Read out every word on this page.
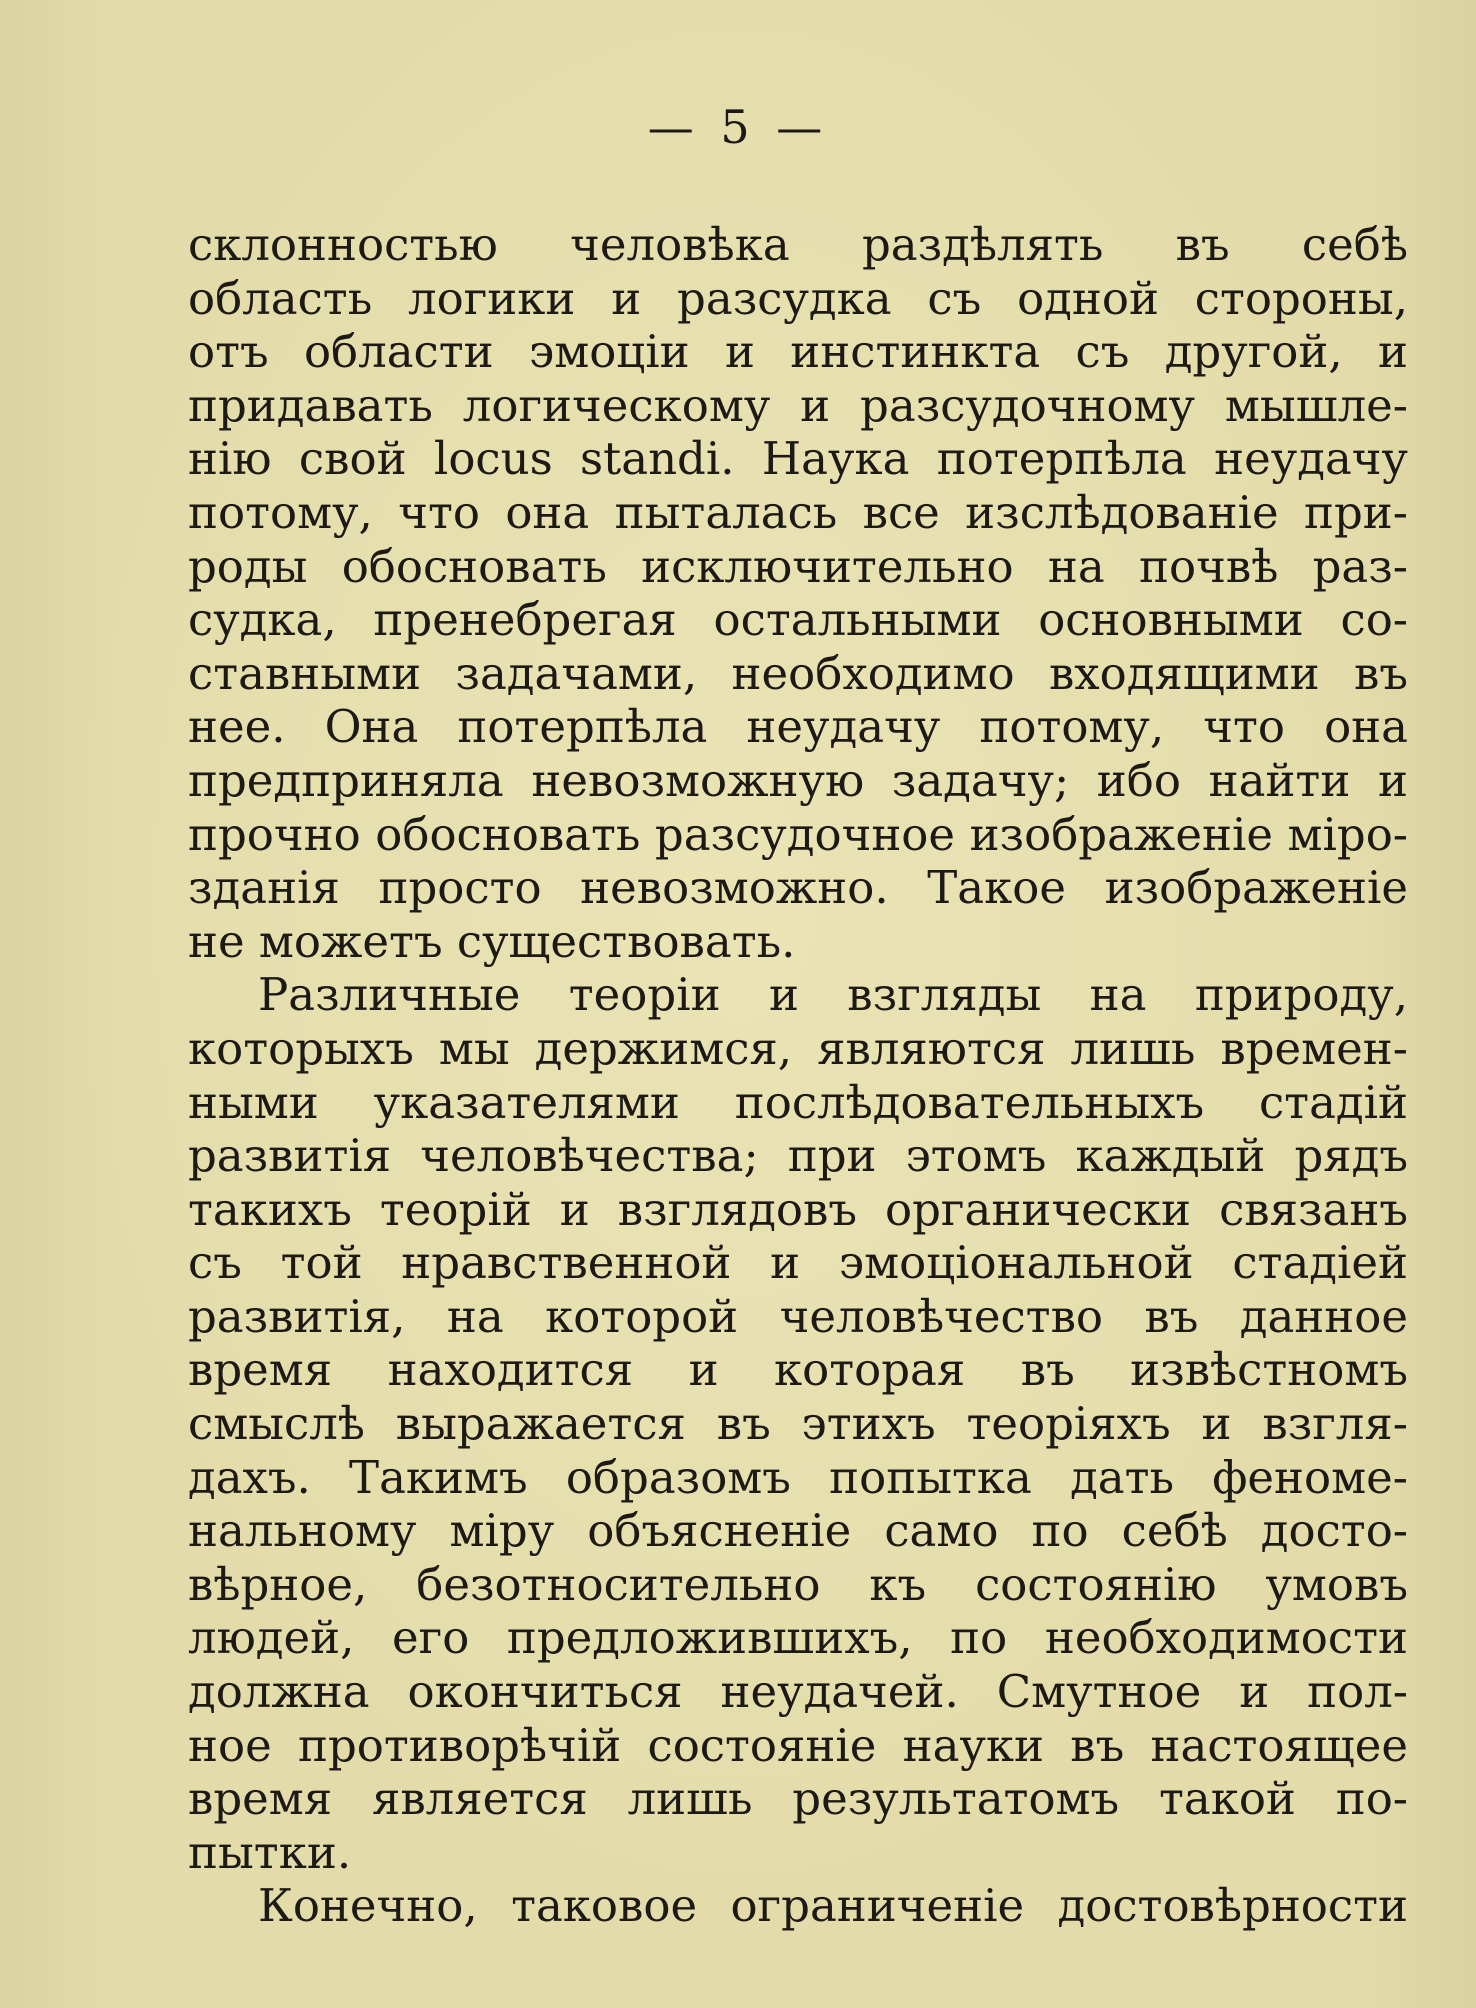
— 5 —
склонностью человѣка раздѣлять въ себѣ
область логики и разсудка съ одной стороны,
отъ области эмоціи и инстинкта съ другой, и
придавать логическому и разсудочному мышле-
нію свой locus standi. Наука потерпѣла неудачу
потому, что она пыталась все изслѣдованіе при-
роды обосновать исключительно на почвѣ раз-
судка, пренебрегая остальными основными со-
ставными задачами, необходимо входящими въ
нее. Она потерпѣла неудачу потому, что она
предприняла невозможную задачу; ибо найти и
прочно обосновать разсудочное изображеніе міро-
зданія просто невозможно. Такое изображеніе
не можетъ существовать.
Различные теоріи и взгляды на природу,
которыхъ мы держимся, являются лишь времен-
ными указателями послѣдовательныхъ стадій
развитія человѣчества; при этомъ каждый рядъ
такихъ теорій и взглядовъ органически связанъ
съ той нравственной и эмоціональной стадіей
развитія, на которой человѣчество въ данное
время находится и которая въ извѣстномъ
смыслѣ выражается въ этихъ теоріяхъ и взгля-
дахъ. Такимъ образомъ попытка дать феноме-
нальному міру объясненіе само по себѣ досто-
вѣрное, безотносительно къ состоянію умовъ
людей, его предложившихъ, по необходимости
должна окончиться неудачей. Смутное и пол-
ное противорѣчій состояніе науки въ настоящее
время является лишь результатомъ такой по-
пытки.
Конечно, таковое ограниченіе достовѣрности
